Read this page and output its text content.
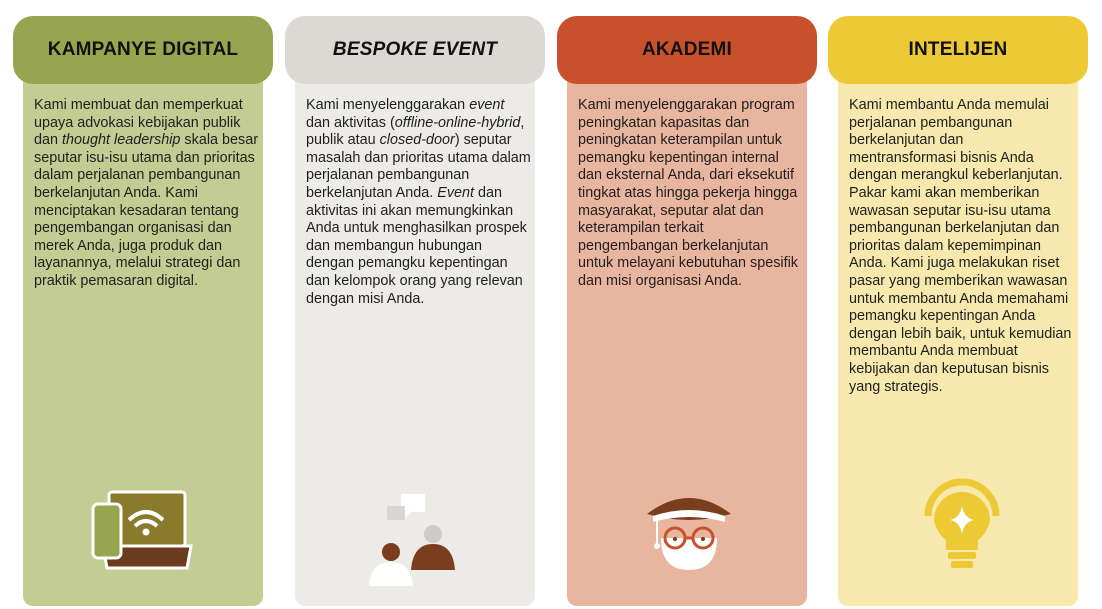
KAMPANYE DIGITAL
Kami membuat dan memperkuat upaya advokasi kebijakan publik dan thought leadership skala besar seputar isu-isu utama dan prioritas dalam perjalanan pembangunan berkelanjutan Anda. Kami menciptakan kesadaran tentang pengembangan organisasi dan merek Anda, juga produk dan layanannya, melalui strategi dan praktik pemasaran digital.
BESPOKE EVENT
Kami menyelenggarakan event dan aktivitas (offline-online-hybrid, publik atau closed-door) seputar masalah dan prioritas utama dalam perjalanan pembangunan berkelanjutan Anda. Event dan aktivitas ini akan memungkinkan Anda untuk menghasilkan prospek dan membangun hubungan dengan pemangku kepentingan dan kelompok orang yang relevan dengan misi Anda.
AKADEMI
Kami menyelenggarakan program peningkatan kapasitas dan peningkatan keterampilan untuk pemangku kepentingan internal dan eksternal Anda, dari eksekutif tingkat atas hingga pekerja hingga masyarakat, seputar alat dan keterampilan terkait pengembangan berkelanjutan untuk melayani kebutuhan spesifik dan misi organisasi Anda.
INTELIJEN
Kami membantu Anda memulai perjalanan pembangunan berkelanjutan dan mentransformasi bisnis Anda dengan merangkul keberlanjutan. Pakar kami akan memberikan wawasan seputar isu-isu utama pembangunan berkelanjutan dan prioritas dalam kepemimpinan Anda. Kami juga melakukan riset pasar yang memberikan wawasan untuk membantu Anda memahami pemangku kepentingan Anda dengan lebih baik, untuk kemudian membantu Anda membuat kebijakan dan keputusan bisnis yang strategis.
